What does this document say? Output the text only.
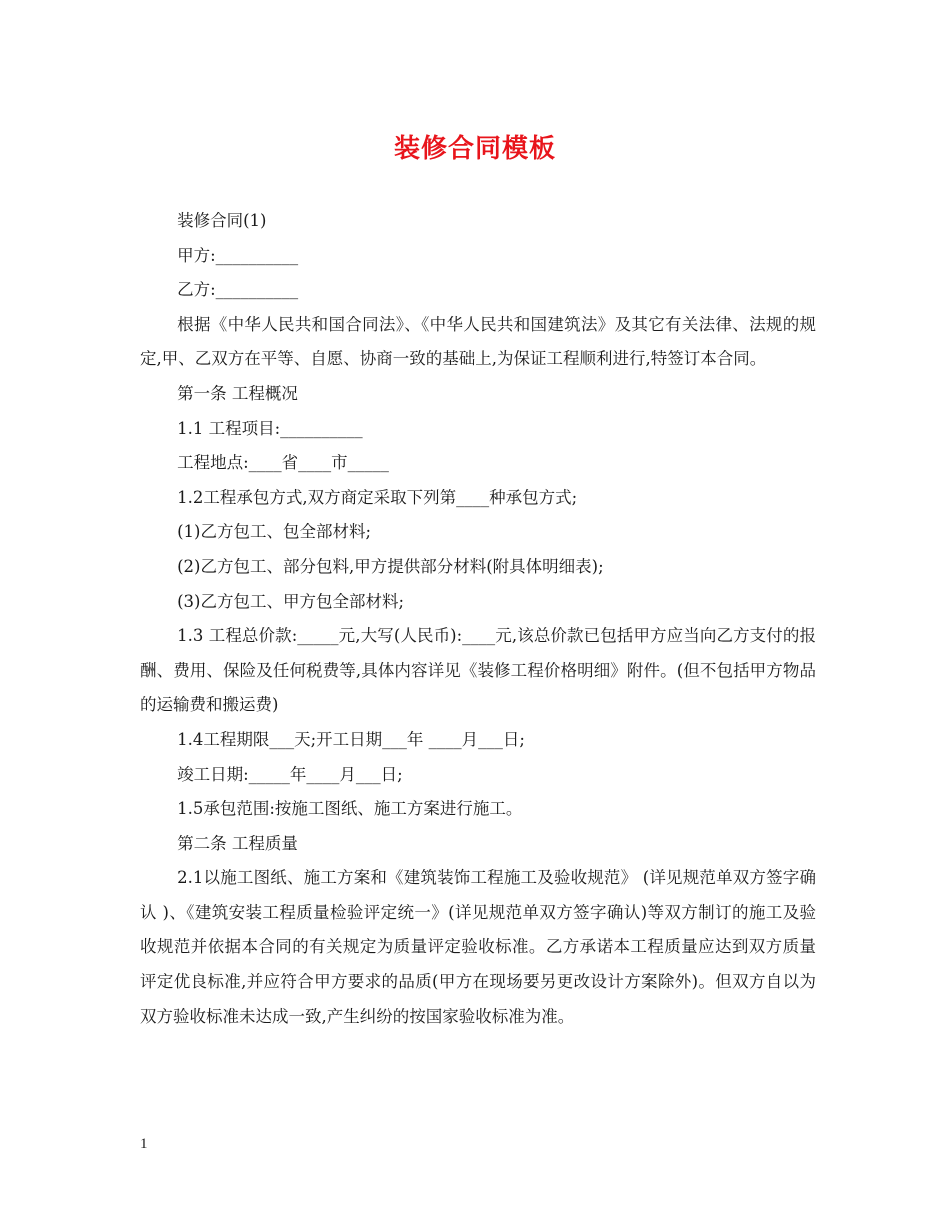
装修合同模板

装修合同(1)

甲方:__________

乙方:__________

根据《中华人民共和国合同法》、《中华人民共和国建筑法》及其它有关法律、法规的规定,甲、乙双方在平等、自愿、协商一致的基础上,为保证工程顺利进行,特签订本合同。

第一条 工程概况

1.1 工程项目:__________

工程地点:____省____市_____

1.2工程承包方式,双方商定采取下列第____种承包方式;

(1)乙方包工、包全部材料;

(2)乙方包工、部分包料,甲方提供部分材料(附具体明细表);

(3)乙方包工、甲方包全部材料;

1.3 工程总价款:_____元,大写(人民币):____元,该总价款已包括甲方应当向乙方支付的报酬、费用、保险及任何税费等,具体内容详见《装修工程价格明细》附件。(但不包括甲方物品的运输费和搬运费)

1.4工程期限___天;开工日期___年 ____月___日;

竣工日期:_____年____月___日;

1.5承包范围:按施工图纸、施工方案进行施工。

第二条 工程质量

2.1以施工图纸、施工方案和《建筑装饰工程施工及验收规范》 (详见规范单双方签字确认 )、《建筑安装工程质量检验评定统一》(详见规范单双方签字确认)等双方制订的施工及验收规范并依据本合同的有关规定为质量评定验收标准。乙方承诺本工程质量应达到双方质量评定优良标准,并应符合甲方要求的品质(甲方在现场要另更改设计方案除外)。但双方自以为双方验收标准未达成一致,产生纠纷的按国家验收标准为准。

1
